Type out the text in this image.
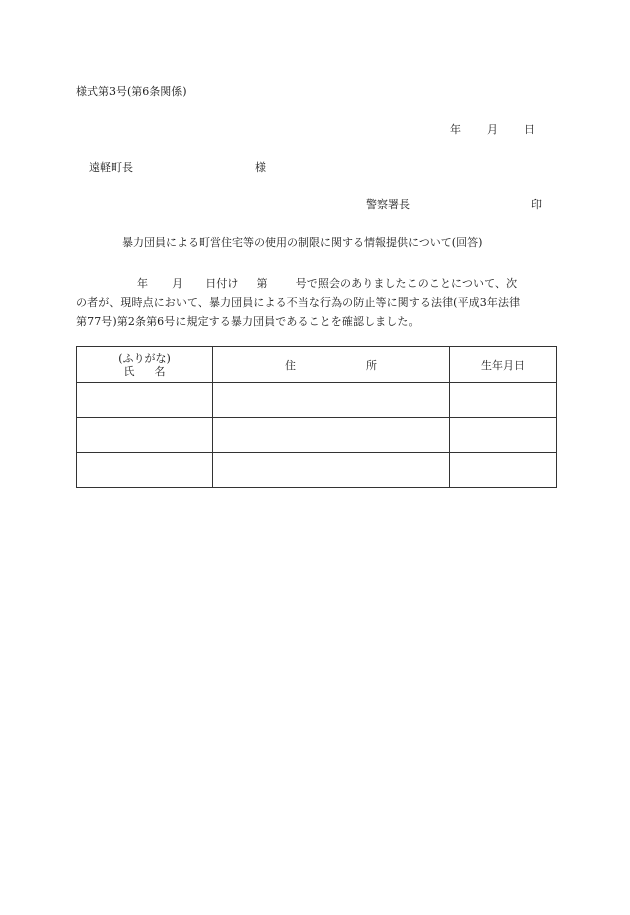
様式第3号(第6条関係)
年 月 日
遠軽町長	様
警察署長	印
暴力団員による町営住宅等の使用の制限に関する情報提供について(回答)
年 月 日付け 第	号で照会のありましたこのことについて、次
の者が、現時点において、暴力団員による不当な行為の防止等に関する法律(平成3年法律
第77号)第2条第6号に規定する暴力団員であることを確認しました。
(ふりがな)
氏名	住 所	生年月日
